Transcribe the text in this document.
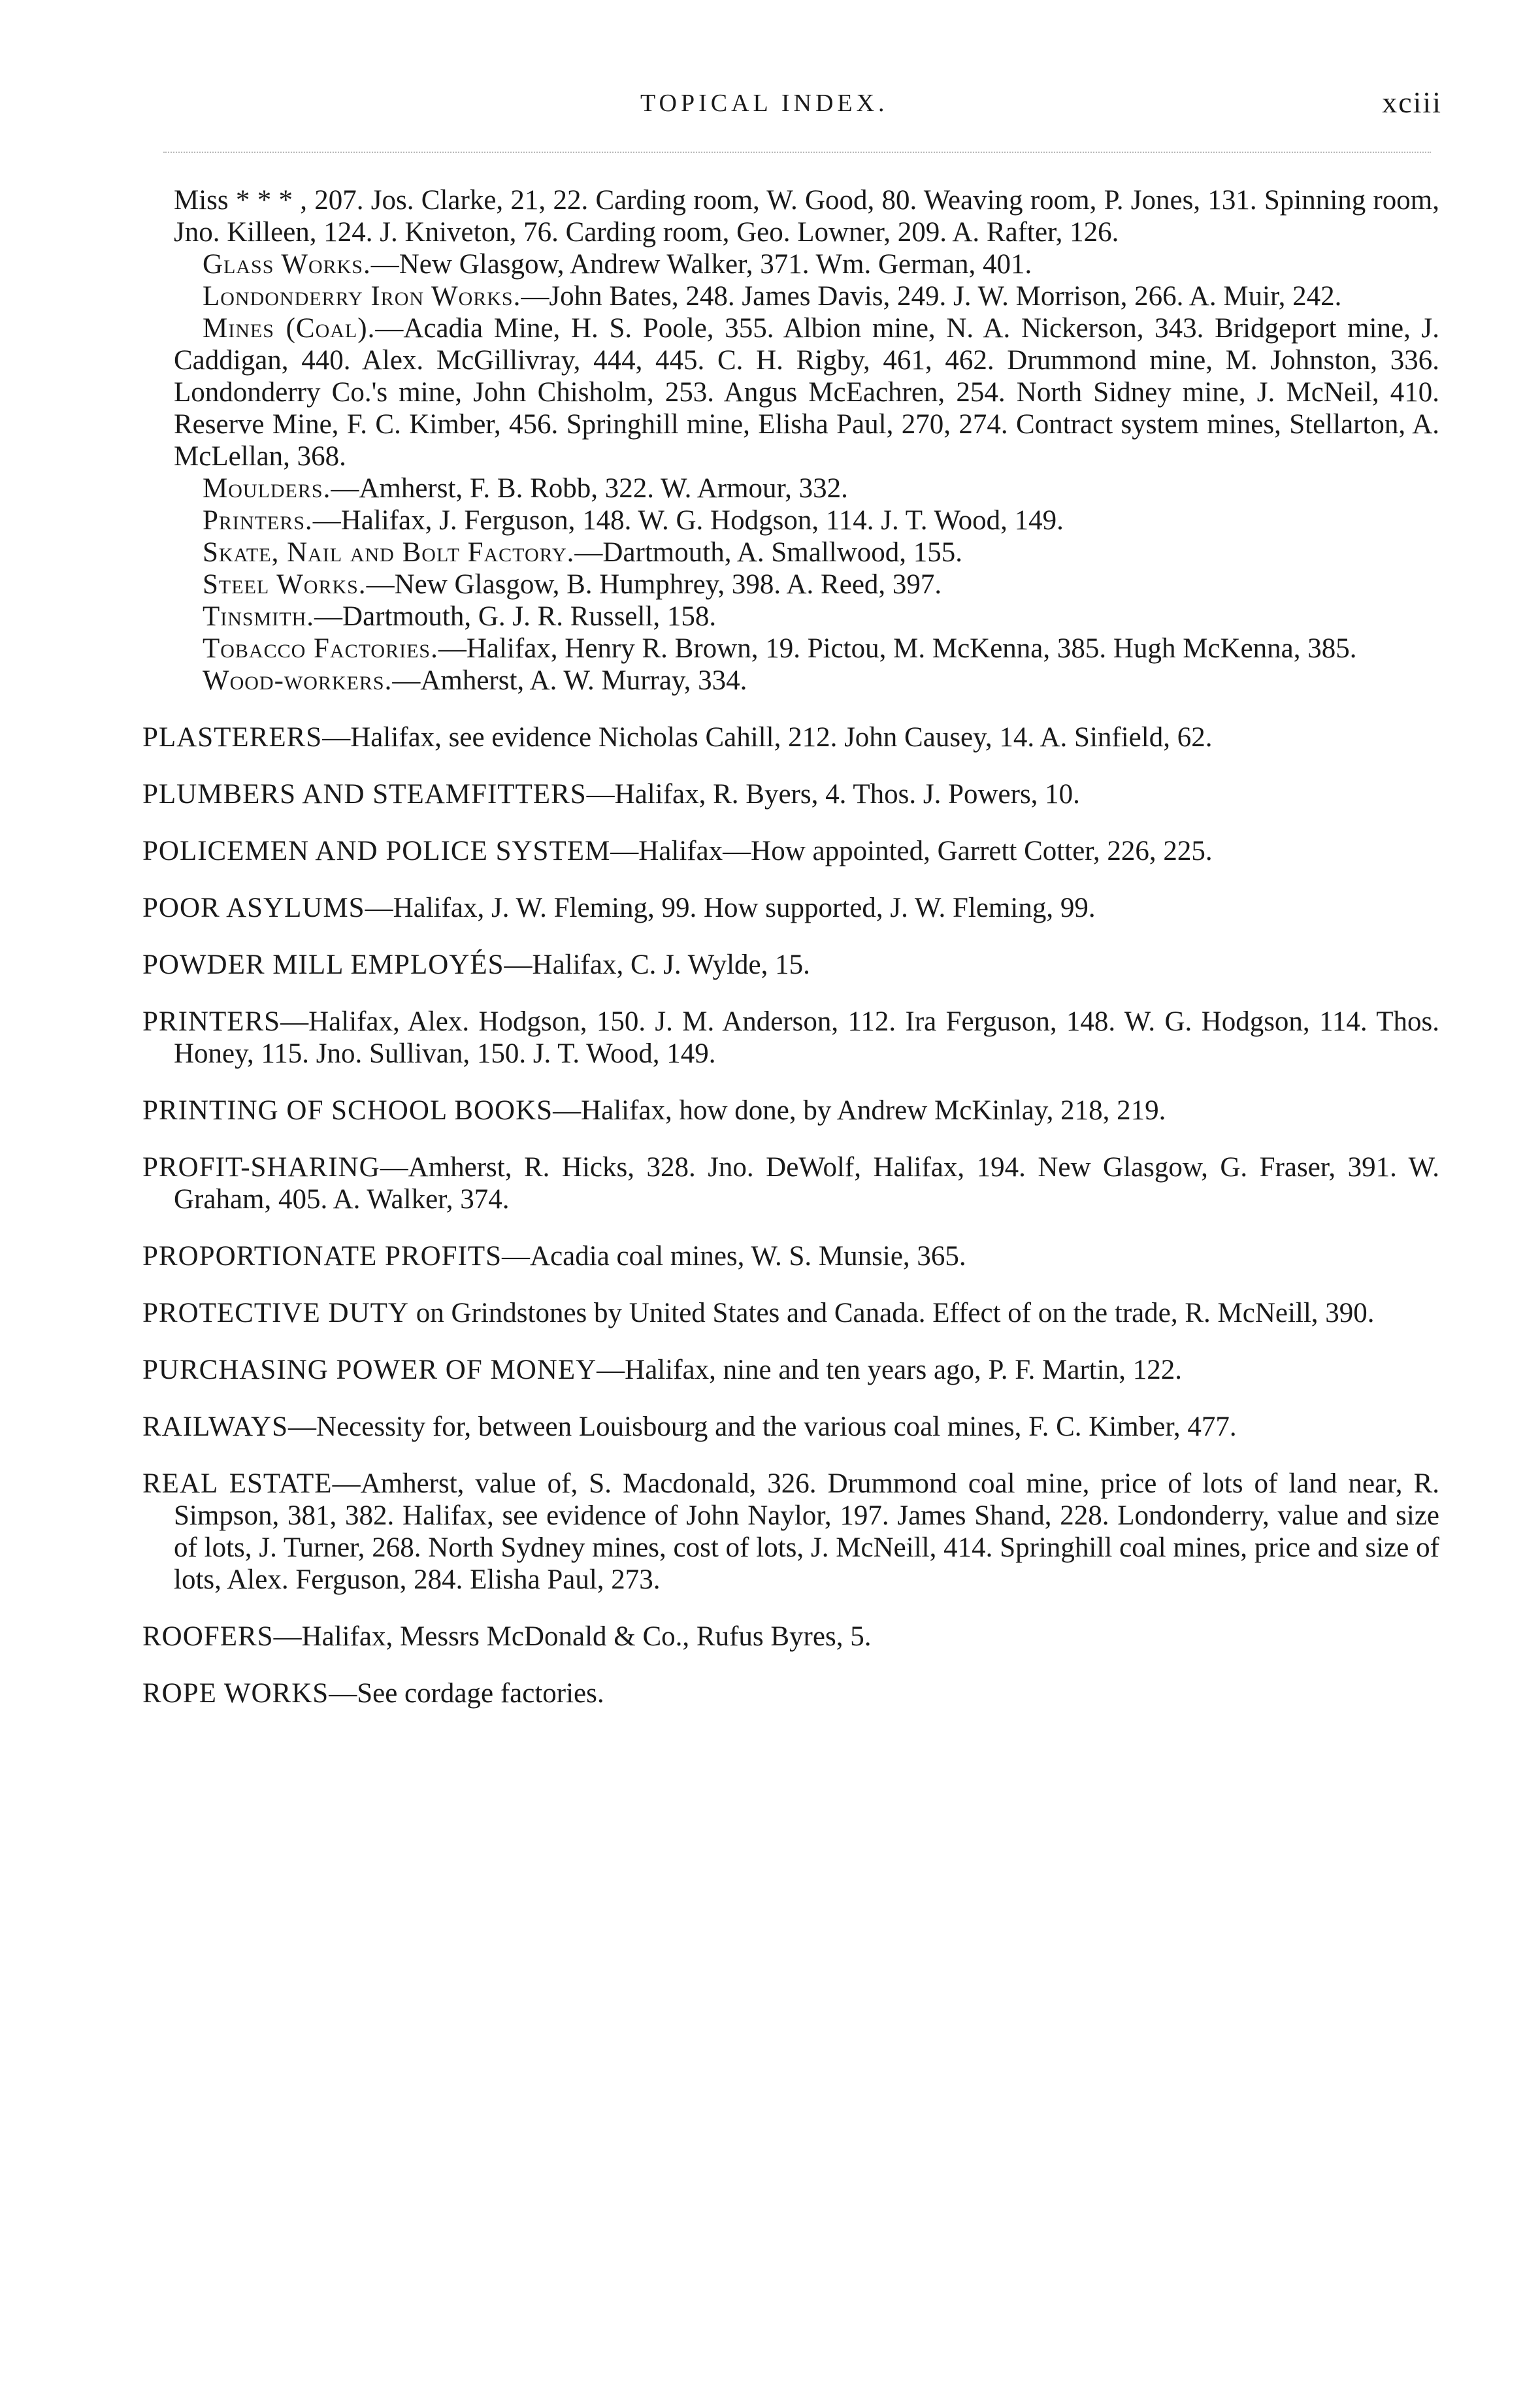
TOPICAL INDEX.	xciii

Miss * * * , 207. Jos. Clarke, 21, 22. Carding room, W. Good, 80. Weaving room, P. Jones, 131. Spinning room, Jno. Killeen, 124. J. Kniveton, 76. Carding room, Geo. Lowner, 209. A. Rafter, 126.

Glass Works.—New Glasgow, Andrew Walker, 371. Wm. German, 401.

Londonderry Iron Works.—John Bates, 248. James Davis, 249. J. W. Morrison, 266. A. Muir, 242.

Mines (Coal).—Acadia Mine, H. S. Poole, 355. Albion mine, N. A. Nickerson, 343. Bridgeport mine, J. Caddigan, 440. Alex. McGillivray, 444, 445. C. H. Rigby, 461, 462. Drummond mine, M. Johnston, 336. Londonderry Co.'s mine, John Chisholm, 253. Angus McEachren, 254. North Sidney mine, J. McNeil, 410. Reserve Mine, F. C. Kimber, 456. Springhill mine, Elisha Paul, 270, 274. Contract system mines, Stellarton, A. McLellan, 368.

Moulders.—Amherst, F. B. Robb, 322. W. Armour, 332.

Printers.—Halifax, J. Ferguson, 148. W. G. Hodgson, 114. J. T. Wood, 149.

Skate, Nail and Bolt Factory.—Dartmouth, A. Smallwood, 155.

Steel Works.—New Glasgow, B. Humphrey, 398. A. Reed, 397.

Tinsmith.—Dartmouth, G. J. R. Russell, 158.

Tobacco Factories.—Halifax, Henry R. Brown, 19. Pictou, M. McKenna, 385. Hugh McKenna, 385.

Wood-workers.—Amherst, A. W. Murray, 334.

PLASTERERS—Halifax, see evidence Nicholas Cahill, 212. John Causey, 14. A. Sinfield, 62.

PLUMBERS AND STEAMFITTERS—Halifax, R. Byers, 4. Thos. J. Powers, 10.

POLICEMEN AND POLICE SYSTEM—Halifax—How appointed, Garrett Cotter, 226, 225.

POOR ASYLUMS—Halifax, J. W. Fleming, 99. How supported, J. W. Fleming, 99.

POWDER MILL EMPLOYÉS—Halifax, C. J. Wylde, 15.

PRINTERS—Halifax, Alex. Hodgson, 150. J. M. Anderson, 112. Ira Ferguson, 148. W. G. Hodgson, 114. Thos. Honey, 115. Jno. Sullivan, 150. J. T. Wood, 149.

PRINTING OF SCHOOL BOOKS—Halifax, how done, by Andrew McKinlay, 218, 219.

PROFIT-SHARING—Amherst, R. Hicks, 328. Jno. DeWolf, Halifax, 194. New Glasgow, G. Fraser, 391. W. Graham, 405. A. Walker, 374.

PROPORTIONATE PROFITS—Acadia coal mines, W. S. Munsie, 365.

PROTECTIVE DUTY on Grindstones by United States and Canada. Effect of on the trade, R. McNeill, 390.

PURCHASING POWER OF MONEY—Halifax, nine and ten years ago, P. F. Martin, 122.

RAILWAYS—Necessity for, between Louisbourg and the various coal mines, F. C. Kimber, 477.

REAL ESTATE—Amherst, value of, S. Macdonald, 326. Drummond coal mine, price of lots of land near, R. Simpson, 381, 382. Halifax, see evidence of John Naylor, 197. James Shand, 228. Londonderry, value and size of lots, J. Turner, 268. North Sydney mines, cost of lots, J. McNeill, 414. Springhill coal mines, price and size of lots, Alex. Ferguson, 284. Elisha Paul, 273.

ROOFERS—Halifax, Messrs McDonald & Co., Rufus Byres, 5.

ROPE WORKS—See cordage factories.
